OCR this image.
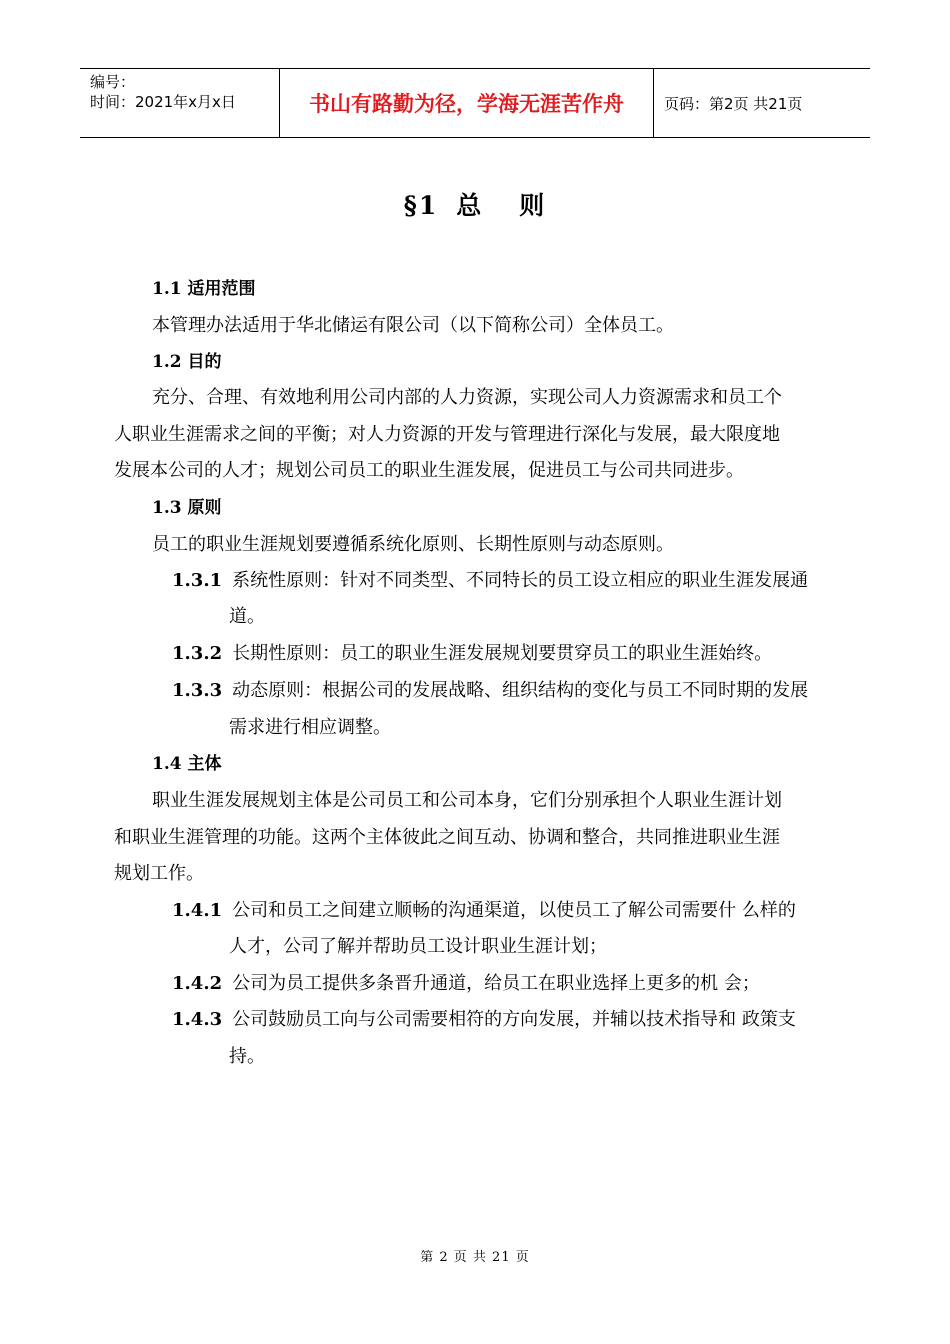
编号：
时间：2021年x月x日	书山有路勤为径，学海无涯苦作舟	页码：第2页 共21页
§1 总 则
1.1 适用范围
本管理办法适用于华北储运有限公司（以下简称公司）全体员工。
1.2 目的
充分、合理、有效地利用公司内部的人力资源，实现公司人力资源需求和员工个
人职业生涯需求之间的平衡；对人力资源的开发与管理进行深化与发展，最大限度地
发展本公司的人才；规划公司员工的职业生涯发展，促进员工与公司共同进步。
1.3 原则
员工的职业生涯规划要遵循系统化原则、长期性原则与动态原则。
1.3.1 系统性原则：针对不同类型、不同特长的员工设立相应的职业生涯发展通
道。
1.3.2 长期性原则：员工的职业生涯发展规划要贯穿员工的职业生涯始终。
1.3.3 动态原则：根据公司的发展战略、组织结构的变化与员工不同时期的发展
需求进行相应调整。
1.4 主体
职业生涯发展规划主体是公司员工和公司本身，它们分别承担个人职业生涯计划
和职业生涯管理的功能。这两个主体彼此之间互动、协调和整合，共同推进职业生涯
规划工作。
1.4.1 公司和员工之间建立顺畅的沟通渠道，以使员工了解公司需要什 么样的
人才，公司了解并帮助员工设计职业生涯计划；
1.4.2 公司为员工提供多条晋升通道，给员工在职业选择上更多的机 会；
1.4.3 公司鼓励员工向与公司需要相符的方向发展，并辅以技术指导和 政策支
持。
第 2 页 共 21 页
